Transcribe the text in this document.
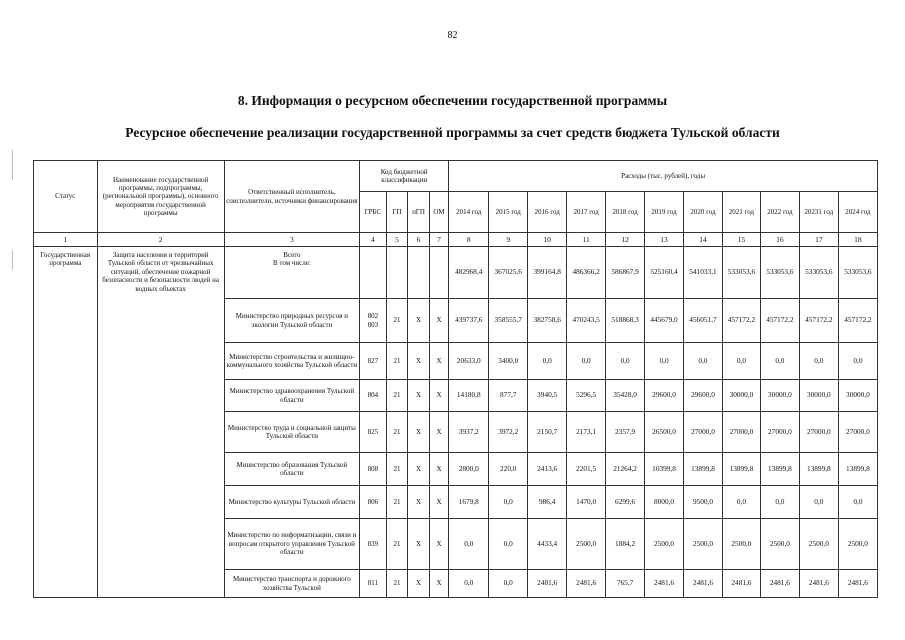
82
8. Информация о ресурсном обеспечении государственной программы
Ресурсное обеспечение реализации государственной программы за счет средств бюджета Тульской области
Статус	Наименование государственной программы, подпрограммы, (региональной программы), основного мероприятия государственной программы	Ответственный исполнитель, соисполнители, источники финансирования	Код бюджетной классификации				Расходы (тыс. рублей), годы										
			ГРБС	ГП	пГП	ОМ	2014 год	2015 год	2016 год	2017 год	2018 год	2019 год	2020 год	2021 год	2022 год	20231 год	2024 год
1	2	3	4	5	6	7	8	9	10	11	12	13	14	15	16	17	18
Государственная программа	Защита населения и территорий Тульской области от чрезвычайных ситуаций, обеспечение пожарной безопасности и безопасности людей на водных объектах	Всего
В том числе:					482968,4	367025,6	399164,8	486366,2	586867,9	525160,4	541033,1	533053,6	533053,6	533053,6	533053,6
		Министерство природных ресурсов и экологии Тульской области	802
803	21	Х	Х	439737,6	358555,7	382758,6	470243,5	518868,3	445679,0	456051,7	457172,2	457172,2	457172,2	457172,2
		Министерство строительства и жилищно-коммунального хозяйства Тульской области	827	21	Х	Х	20633,0	3400,0	0,0	0,0	0,0	0,0	0,0	0,0	0,0	0,0	0,0
		Министерство здравоохранения Тульской области	804	21	Х	Х	14180,8	877,7	3940,5	5296,5	35428,0	29600,0	29600,0	30000,0	30000,0	30000,0	30000,0
		Министерство труда и социальной защиты Тульской области	825	21	Х	Х	3937,2	3972,2	2150,7	2173,1	2357,9	26500,0	27000,0	27000,0	27000,0	27000,0	27000,0
		Министерство образования Тульской области	808	21	Х	Х	2800,0	220,0	2413,6	2201,5	21264,2	10399,8	13899,8	13899,8	13899,8	13899,8	13899,8
		Министерство культуры Тульской области	806	21	Х	Х	1679,8	0,0	986,4	1470,0	6299,6	8000,0	9500,0	0,0	0,0	0,0	0,0
		Министерство по информатизации, связи и вопросам открытого управления Тульской области	839	21	Х	Х	0,0	0,0	4433,4	2500,0	1884,2	2500,0	2500,0	2500,0	2500,0	2500,0	2500,0
		Министерство транспорта и дорожного хозяйства Тульской	811	21	Х	Х	0,0	0,0	2481,6	2481,6	765,7	2481,6	2481,6	2481,6	2481,6	2481,6	2481,6
